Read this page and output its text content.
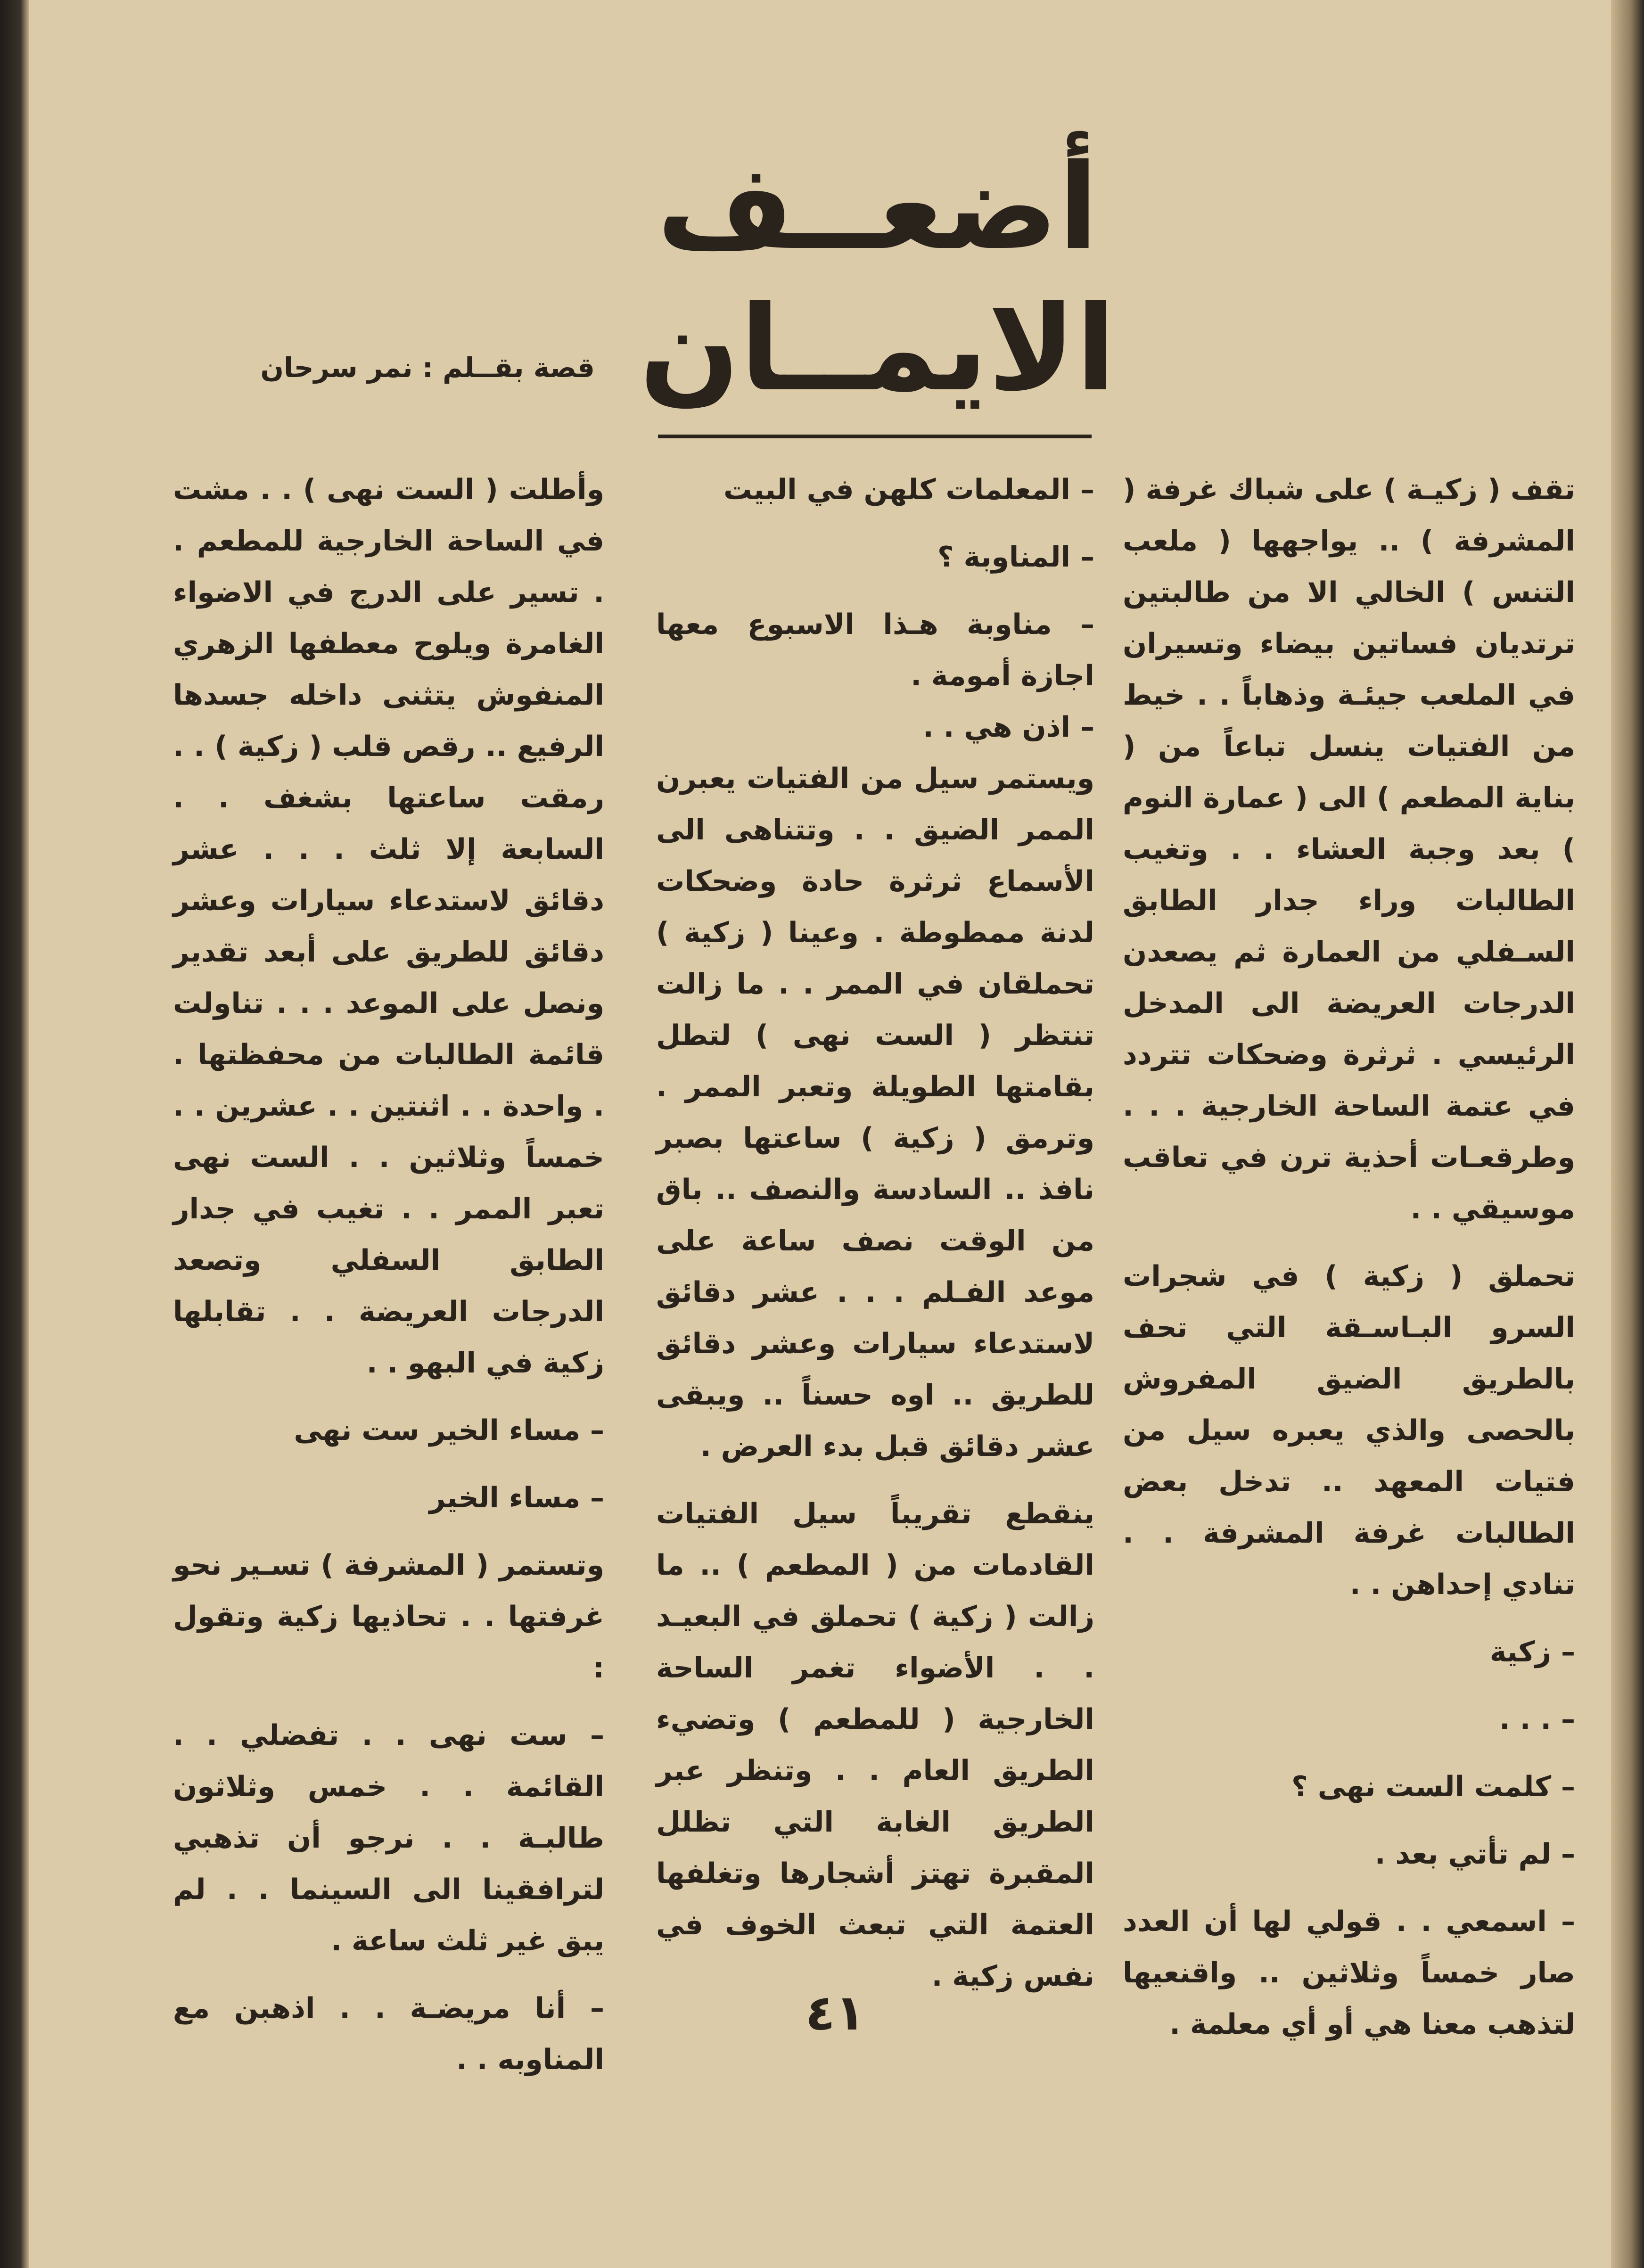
أضعــف الايمــان
قصة بقــلم : نمر سرحان

تقف ( زكيـة ) على شباك غرفة ( المشرفة ) .. يواجهها ( ملعب التنس ) الخالي الا من طالبتين ترتديان فساتين بيضاء وتسيران في الملعب جيئـة وذهاباً . . خيط من الفتيات ينسل تباعاً من ( بناية المطعم ) الى ( عمارة النوم ) بعد وجبة العشاء . . وتغيب الطالبات وراء جدار الطابق السـفلي من العمارة ثم يصعدن الدرجات العريضة الى المدخل الرئيسي . ثرثرة وضحكات تتردد في عتمة الساحة الخارجية . . . وطرقعـات أحذية ترن في تعاقب موسيقي . .

تحملق ( زكية ) في شجرات السرو البـاسـقة التي تحف بالطريق الضيق المفروش بالحصى والذي يعبره سيل من فتيات المعهد .. تدخل بعض الطالبات غرفة المشرفة . . تنادي إحداهن . .

– زكية

– . . .

– كلمت الست نهى ؟

– لم تأتي بعد .

– اسمعي . . قولي لها أن العدد صار خمساً وثلاثين .. واقنعيها لتذهب معنا هي أو أي معلمة .

– المعلمات كلهن في البيت

– المناوبة ؟

– مناوبة هـذا الاسبوع معها اجازة أمومة .

– اذن هي . .

ويستمر سيل من الفتيات يعبرن الممر الضيق . . وتتناهى الى الأسماع ثرثرة حادة وضحكات لدنة ممطوطة . وعينا ( زكية ) تحملقان في الممر . . ما زالت تنتظر ( الست نهى ) لتطل بقامتها الطويلة وتعبر الممر . وترمق ( زكية ) ساعتها بصبر نافذ .. السادسة والنصف .. باق من الوقت نصف ساعة على موعد الفـلم . . . عشر دقائق لاستدعاء سيارات وعشر دقائق للطريق .. اوه حسناً .. ويبقى عشر دقائق قبل بدء العرض .

ينقطع تقريباً سيل الفتيات القادمات من ( المطعم ) .. ما زالت ( زكية ) تحملق في البعيـد . . الأضواء تغمر الساحة الخارجية ( للمطعم ) وتضيء الطريق العام . . وتنظر عبر الطريق الغابة التي تظلل المقبرة تهتز أشجارها وتغلفها العتمة التي تبعث الخوف في نفس زكية .

وأطلت ( الست نهى ) . . مشت في الساحة الخارجية للمطعم . . تسير على الدرج في الاضواء الغامرة ويلوح معطفها الزهري المنفوش يتثنى داخله جسدها الرفيع .. رقص قلب ( زكية ) . . رمقت ساعتها بشغف . . السابعة إلا ثلث . . . عشر دقائق لاستدعاء سيارات وعشر دقائق للطريق على أبعد تقدير ونصل على الموعد . . . تناولت قائمة الطالبات من محفظتها . . واحدة . . اثنتين . . عشرين . . خمساً وثلاثين . . الست نهى تعبر الممر . . تغيب في جدار الطابق السفلي وتصعد الدرجات العريضة . . تقابلها زكية في البهو . .

– مساء الخير ست نهى

– مساء الخير

وتستمر ( المشرفة ) تسـير نحو غرفتها . . تحاذيها زكية وتقول :

– ست نهى . . تفضلي . . القائمة . . خمس وثلاثون طالبـة . . نرجو أن تذهبي لترافقينا الى السينما . . لم يبق غير ثلث ساعة .

– أنا مريضـة . . اذهبن مع المناوبه . .

٤١
